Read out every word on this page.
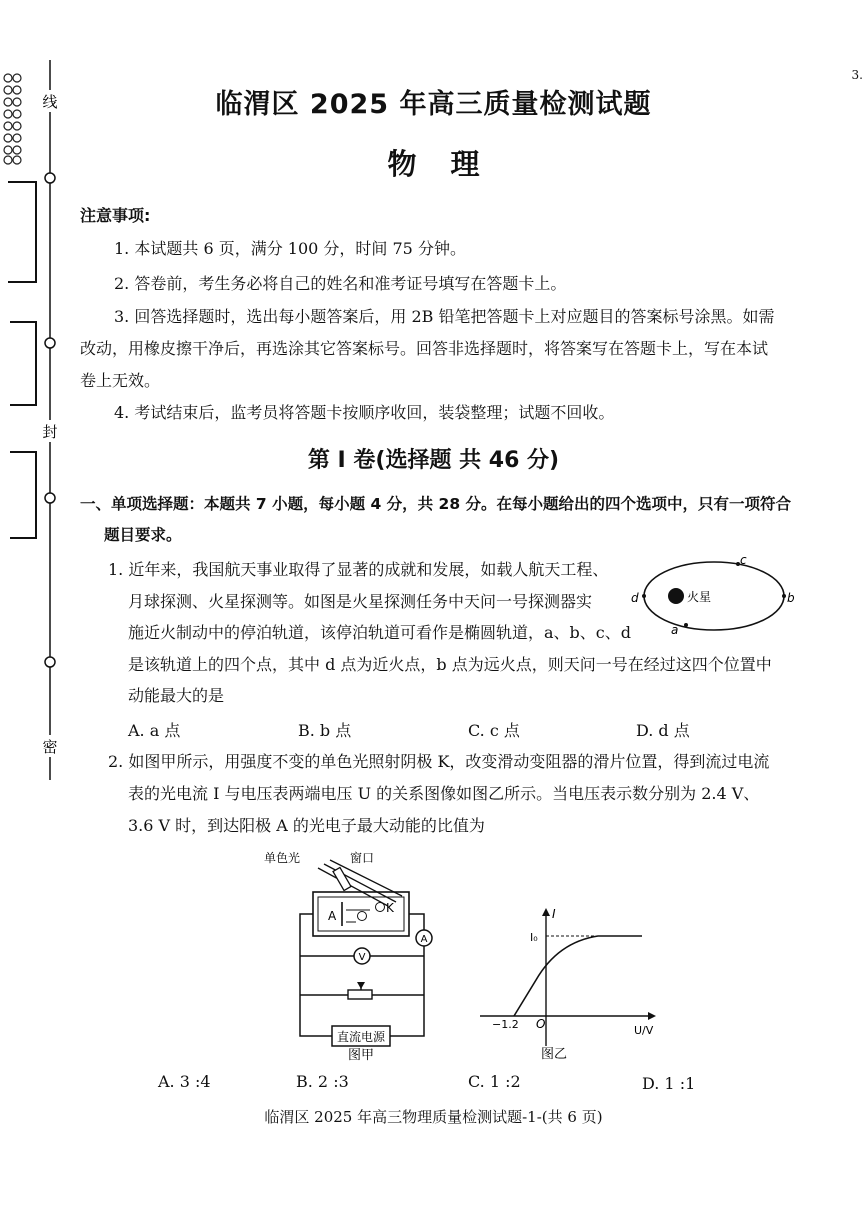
3.
线
封
密
临渭区 2025 年高三质量检测试题
物理
注意事项:
1. 本试题共 6 页，满分 100 分，时间 75 分钟。
2. 答卷前，考生务必将自己的姓名和准考证号填写在答题卡上。
3. 回答选择题时，选出每小题答案后，用 2B 铅笔把答题卡上对应题目的答案标号涂黑。如需
改动，用橡皮擦干净后，再选涂其它答案标号。回答非选择题时，将答案写在答题卡上，写在本试
卷上无效。
4. 考试结束后，监考员将答题卡按顺序收回，装袋整理；试题不回收。
第 I 卷(选择题 共 46 分)
一、单项选择题：本题共 7 小题，每小题 4 分，共 28 分。在每小题给出的四个选项中，只有一项符合
题目要求。
1. 近年来，我国航天事业取得了显著的成就和发展，如载人航天工程、
月球探测、火星探测等。如图是火星探测任务中天问一号探测器实
施近火制动中的停泊轨道，该停泊轨道可看作是椭圆轨道，a、b、c、d
是该轨道上的四个点，其中 d 点为近火点，b 点为远火点，则天问一号在经过这四个位置中
动能最大的是
火星
a
b
c
d
A. a 点	B. b 点	C. c 点	D. d 点
2. 如图甲所示，用强度不变的单色光照射阴极 K，改变滑动变阻器的滑片位置，得到流过电流
表的光电流 I 与电压表两端电压 U 的关系图像如图乙所示。当电压表示数分别为 2.4 V、
3.6 V 时，到达阳极 A 的光电子最大动能的比值为
单色光	窗口
A
K
A
V
直流电源
图甲
I
I₀
O
−1.2	U/V
图乙
A. 3 :4	B. 2 :3	C. 1 :2	D. 1 :1
临渭区 2025 年高三物理质量检测试题-1-(共 6 页)
